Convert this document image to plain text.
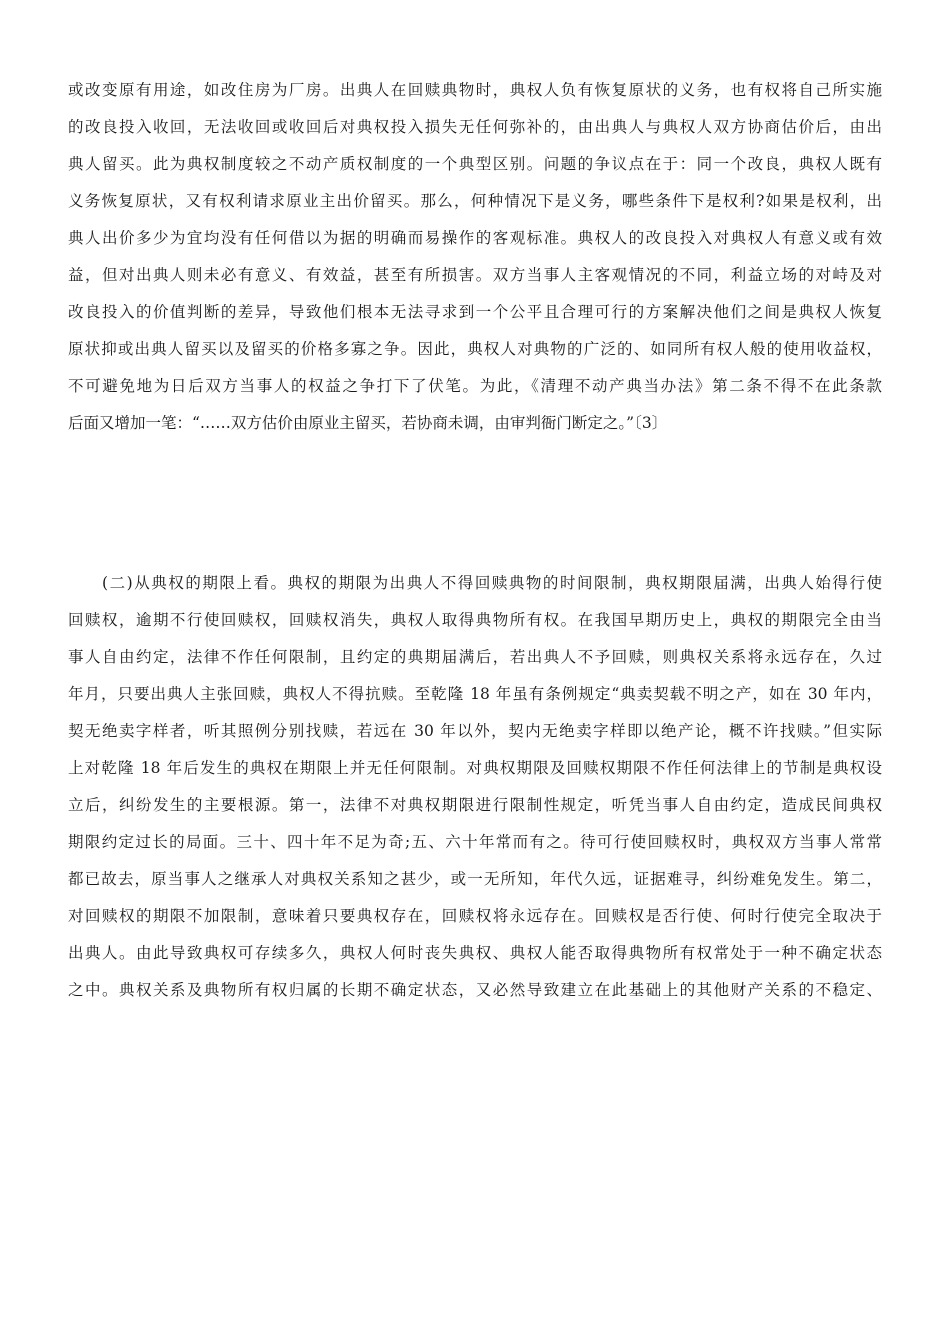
或改变原有用途，如改住房为厂房。出典人在回赎典物时，典权人负有恢复原状的义务，也有权将自己所实施
的改良投入收回，无法收回或收回后对典权投入损失无任何弥补的，由出典人与典权人双方协商估价后，由出
典人留买。此为典权制度较之不动产质权制度的一个典型区别。问题的争议点在于：同一个改良，典权人既有
义务恢复原状，又有权利请求原业主出价留买。那么，何种情况下是义务，哪些条件下是权利?如果是权利，出
典人出价多少为宜均没有任何借以为据的明确而易操作的客观标准。典权人的改良投入对典权人有意义或有效
益，但对出典人则未必有意义、有效益，甚至有所损害。双方当事人主客观情况的不同，利益立场的对峙及对
改良投入的价值判断的差异，导致他们根本无法寻求到一个公平且合理可行的方案解决他们之间是典权人恢复
原状抑或出典人留买以及留买的价格多寡之争。因此，典权人对典物的广泛的、如同所有权人般的使用收益权，
不可避免地为日后双方当事人的权益之争打下了伏笔。为此，《清理不动产典当办法》第二条不得不在此条款
后面又增加一笔：“……双方估价由原业主留买，若协商未调，由审判衙门断定之。”〔3〕
　　(二)从典权的期限上看。典权的期限为出典人不得回赎典物的时间限制，典权期限届满，出典人始得行使
回赎权，逾期不行使回赎权，回赎权消失，典权人取得典物所有权。在我国早期历史上，典权的期限完全由当
事人自由约定，法律不作任何限制，且约定的典期届满后，若出典人不予回赎，则典权关系将永远存在，久过
年月，只要出典人主张回赎，典权人不得抗赎。至乾隆 18 年虽有条例规定“典卖契载不明之产，如在 30 年内，
契无绝卖字样者，听其照例分别找赎，若远在 30 年以外，契内无绝卖字样即以绝产论，概不许找赎。”但实际
上对乾隆 18 年后发生的典权在期限上并无任何限制。对典权期限及回赎权期限不作任何法律上的节制是典权设
立后，纠纷发生的主要根源。第一，法律不对典权期限进行限制性规定，听凭当事人自由约定，造成民间典权
期限约定过长的局面。三十、四十年不足为奇;五、六十年常而有之。待可行使回赎权时，典权双方当事人常常
都已故去，原当事人之继承人对典权关系知之甚少，或一无所知，年代久远，证据难寻，纠纷难免发生。第二，
对回赎权的期限不加限制，意味着只要典权存在，回赎权将永远存在。回赎权是否行使、何时行使完全取决于
出典人。由此导致典权可存续多久，典权人何时丧失典权、典权人能否取得典物所有权常处于一种不确定状态
之中。典权关系及典物所有权归属的长期不确定状态，又必然导致建立在此基础上的其他财产关系的不稳定、
